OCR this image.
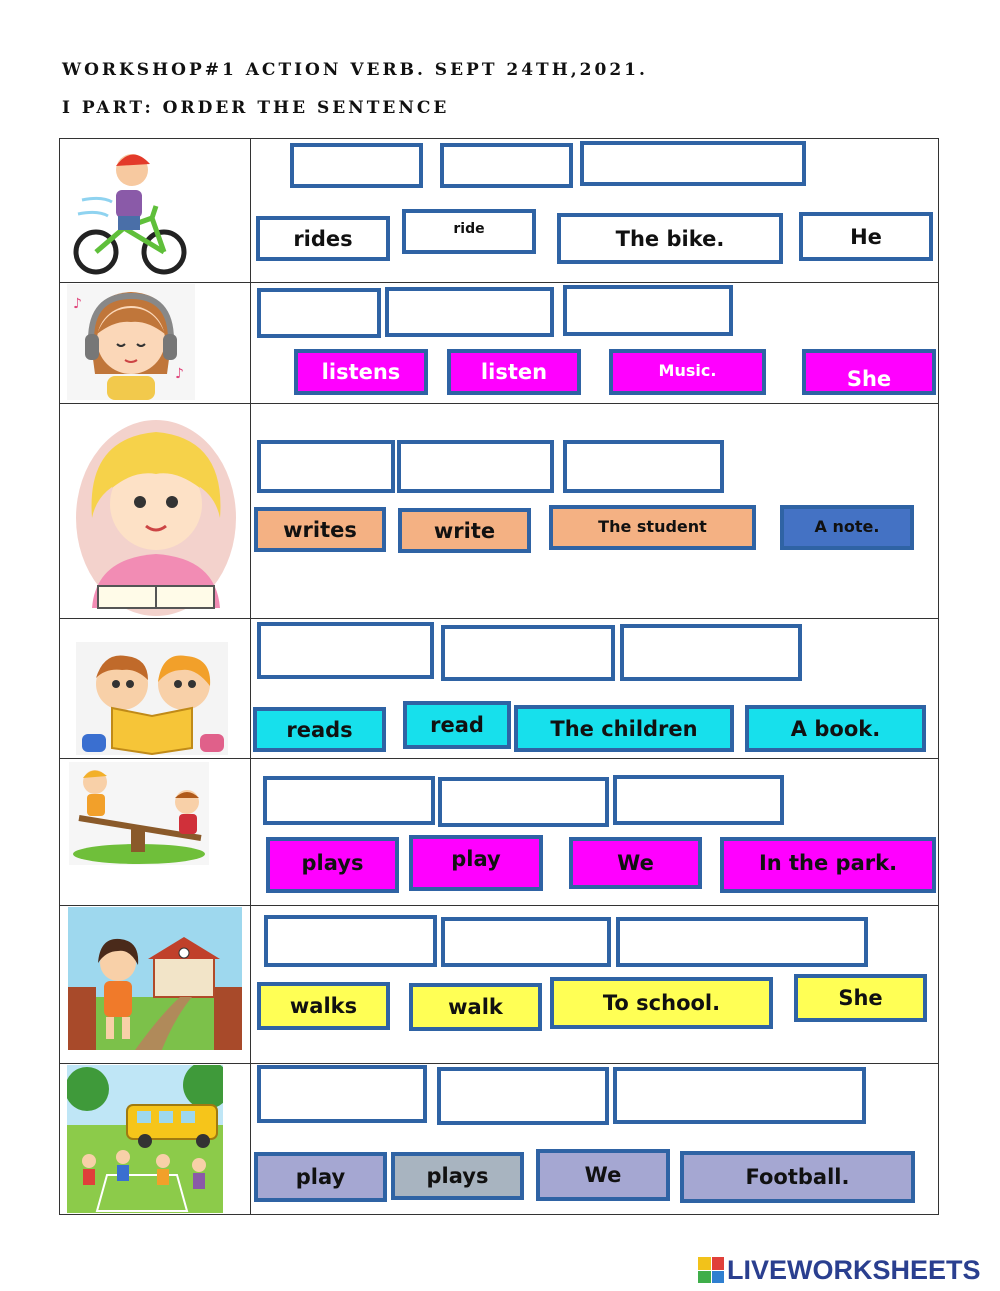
WORKSHOP#1 ACTION VERB. SEPT 24TH,2021.
I PART: ORDER THE SENTENCE
rides	ride	The bike.	He
♪
♪	listens	listen	Music.	She
writes	write	The student	A note.
reads	read	The children	A book.
plays	play	We	In the park.
walks	walk	To school.	She
play	plays	We	Football.
LIVEWORKSHEETS
